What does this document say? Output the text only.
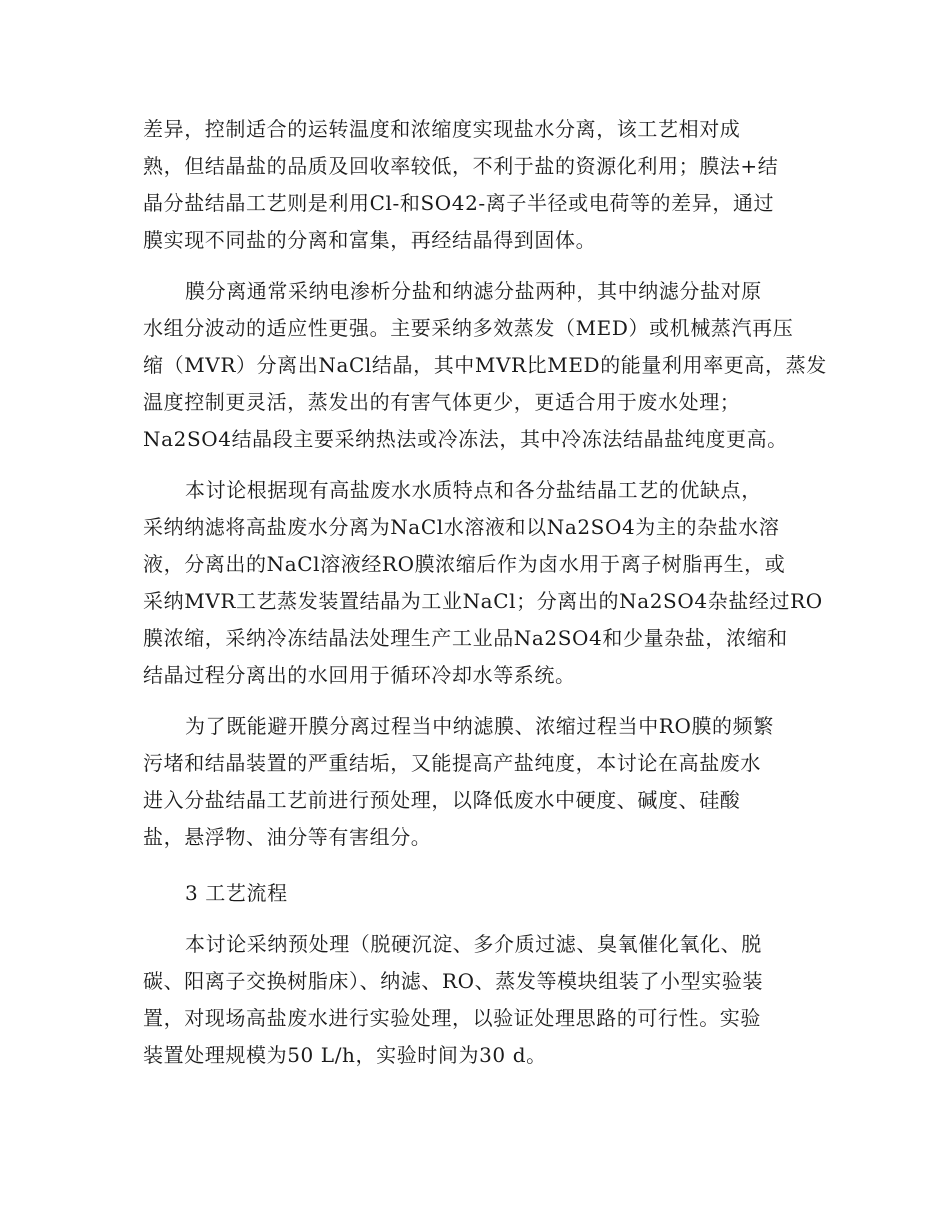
差异，控制适合的运转温度和浓缩度实现盐水分离，该工艺相对成
熟，但结晶盐的品质及回收率较低，不利于盐的资源化利用；膜法+结
晶分盐结晶工艺则是利用Cl-和SO42-离子半径或电荷等的差异，通过
膜实现不同盐的分离和富集，再经结晶得到固体。
膜分离通常采纳电渗析分盐和纳滤分盐两种，其中纳滤分盐对原
水组分波动的适应性更强。主要采纳多效蒸发（MED）或机械蒸汽再压
缩（MVR）分离出NaCl结晶，其中MVR比MED的能量利用率更高，蒸发
温度控制更灵活，蒸发出的有害气体更少，更适合用于废水处理；
Na2SO4结晶段主要采纳热法或冷冻法，其中冷冻法结晶盐纯度更高。
本讨论根据现有高盐废水水质特点和各分盐结晶工艺的优缺点，
采纳纳滤将高盐废水分离为NaCl水溶液和以Na2SO4为主的杂盐水溶
液，分离出的NaCl溶液经RO膜浓缩后作为卤水用于离子树脂再生，或
采纳MVR工艺蒸发装置结晶为工业NaCl；分离出的Na2SO4杂盐经过RO
膜浓缩，采纳冷冻结晶法处理生产工业品Na2SO4和少量杂盐，浓缩和
结晶过程分离出的水回用于循环冷却水等系统。
为了既能避开膜分离过程当中纳滤膜、浓缩过程当中RO膜的频繁
污堵和结晶装置的严重结垢，又能提高产盐纯度，本讨论在高盐废水
进入分盐结晶工艺前进行预处理，以降低废水中硬度、碱度、硅酸
盐，悬浮物、油分等有害组分。
3 工艺流程
本讨论采纳预处理（脱硬沉淀、多介质过滤、臭氧催化氧化、脱
碳、阳离子交换树脂床）、纳滤、RO、蒸发等模块组装了小型实验装
置，对现场高盐废水进行实验处理，以验证处理思路的可行性。实验
装置处理规模为50 L/h，实验时间为30 d。
